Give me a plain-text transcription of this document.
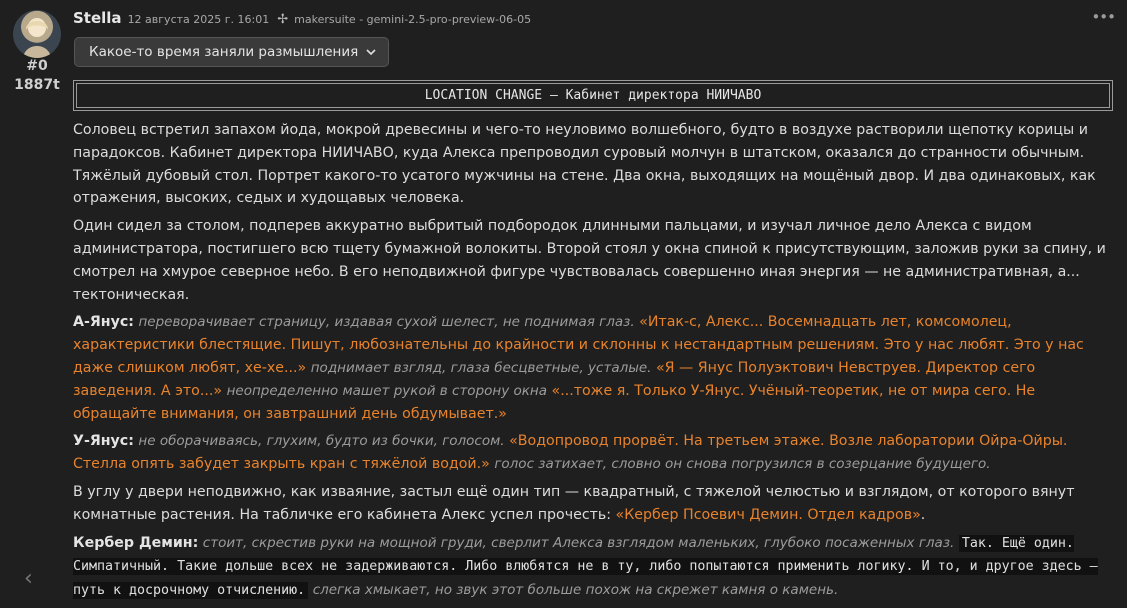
#0
1887t
Stella 12 августа 2025 г. 16:01 ✢ makersuite - gemini-2.5-pro-preview-06-05	•••
Какое-то время заняли размышления
LOCATION CHANGE – Кабинет директора НИИЧАВО

Соловец встретил запахом йода, мокрой древесины и чего-то неуловимо волшебного, будто в воздухе растворили щепотку корицы и парадоксов. Кабинет директора НИИЧАВО, куда Алекса препроводил суровый молчун в штатском, оказался до странности обычным. Тяжёлый дубовый стол. Портрет какого-то усатого мужчины на стене. Два окна, выходящих на мощёный двор. И два одинаковых, как отражения, высоких, седых и худощавых человека.

Один сидел за столом, подперев аккуратно выбритый подбородок длинными пальцами, и изучал личное дело Алекса с видом администратора, постигшего всю тщету бумажной волокиты. Второй стоял у окна спиной к присутствующим, заложив руки за спину, и смотрел на хмурое северное небо. В его неподвижной фигуре чувствовалась совершенно иная энергия — не административная, а... тектоническая.

А-Янус: переворачивает страницу, издавая сухой шелест, не поднимая глаз. «Итак-с, Алекс... Восемнадцать лет, комсомолец, характеристики блестящие. Пишут, любознательны до крайности и склонны к нестандартным решениям. Это у нас любят. Это у нас даже слишком любят, хе-хе...» поднимает взгляд, глаза бесцветные, усталые. «Я — Янус Полуэктович Невструев. Директор сего заведения. А это...» неопределенно машет рукой в сторону окна «...тоже я. Только У-Янус. Учёный-теоретик, не от мира сего. Не обращайте внимания, он завтрашний день обдумывает.»

У-Янус: не оборачиваясь, глухим, будто из бочки, голосом. «Водопровод прорвёт. На третьем этаже. Возле лаборатории Ойра-Ойры. Стелла опять забудет закрыть кран с тяжёлой водой.» голос затихает, словно он снова погрузился в созерцание будущего.

В углу у двери неподвижно, как изваяние, застыл ещё один тип — квадратный, с тяжелой челюстью и взглядом, от которого вянут комнатные растения. На табличке его кабинета Алекс успел прочесть: «Кербер Псоевич Демин. Отдел кадров».

Кербер Демин: стоит, скрестив руки на мощной груди, сверлит Алекса взглядом маленьких, глубоко посаженных глаз. Так. Ещё один. Симпатичный. Такие дольше всех не задерживаются. Либо влюбятся не в ту, либо попытаются применить логику. И то, и другое здесь — путь к досрочному отчислению. слегка хмыкает, но звук этот больше похож на скрежет камня о камень.

‹
